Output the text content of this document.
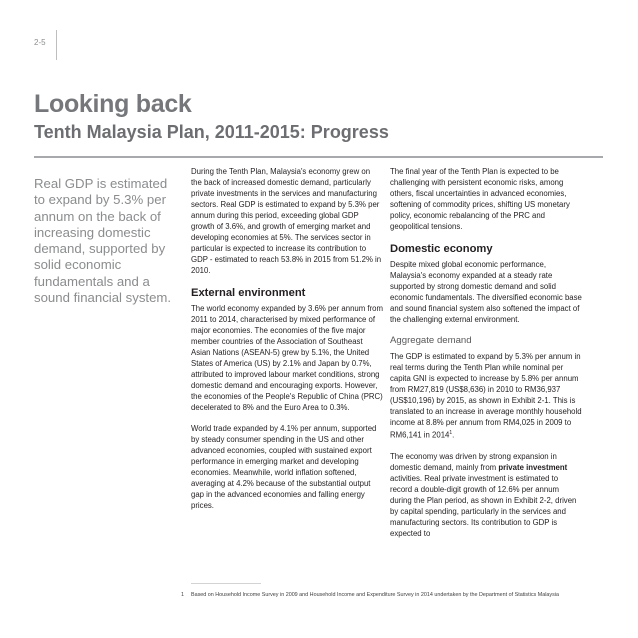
2-5
Looking back
Tenth Malaysia Plan, 2011-2015: Progress
Real GDP is estimated to expand by 5.3% per annum on the back of increasing domestic demand, supported by solid economic fundamentals and a sound financial system.

During the Tenth Plan, Malaysia's economy grew on the back of increased domestic demand, particularly private investments in the services and manufacturing sectors. Real GDP is estimated to expand by 5.3% per annum during this period, exceeding global GDP growth of 3.6%, and growth of emerging market and developing economies at 5%. The services sector in particular is expected to increase its contribution to GDP - estimated to reach 53.8% in 2015 from 51.2% in 2010.

External environment

The world economy expanded by 3.6% per annum from 2011 to 2014, characterised by mixed performance of major economies. The economies of the five major member countries of the Association of Southeast Asian Nations (ASEAN-5) grew by 5.1%, the United States of America (US) by 2.1% and Japan by 0.7%, attributed to improved labour market conditions, strong domestic demand and encouraging exports. However, the economies of the People's Republic of China (PRC) decelerated to 8% and the Euro Area to 0.3%.

World trade expanded by 4.1% per annum, supported by steady consumer spending in the US and other advanced economies, coupled with sustained export performance in emerging market and developing economies. Meanwhile, world inflation softened, averaging at 4.2% because of the substantial output gap in the advanced economies and falling energy prices.

The final year of the Tenth Plan is expected to be challenging with persistent economic risks, among others, fiscal uncertainties in advanced economies, softening of commodity prices, shifting US monetary policy, economic rebalancing of the PRC and geopolitical tensions.

Domestic economy

Despite mixed global economic performance, Malaysia's economy expanded at a steady rate supported by strong domestic demand and solid economic fundamentals. The diversified economic base and sound financial system also softened the impact of the challenging external environment.

Aggregate demand

The GDP is estimated to expand by 5.3% per annum in real terms during the Tenth Plan while nominal per capita GNI is expected to increase by 5.8% per annum from RM27,819 (US$8,636) in 2010 to RM36,937 (US$10,196) by 2015, as shown in Exhibit 2-1. This is translated to an increase in average monthly household income at 8.8% per annum from RM4,025 in 2009 to RM6,141 in 2014$^1$.

The economy was driven by strong expansion in domestic demand, mainly from private investment activities. Real private investment is estimated to record a double-digit growth of 12.6% per annum during the Plan period, as shown in Exhibit 2-2, driven by capital spending, particularly in the services and manufacturing sectors. Its contribution to GDP is expected to

1 Based on Household Income Survey in 2009 and Household Income and Expenditure Survey in 2014 undertaken by the Department of Statistics Malaysia
